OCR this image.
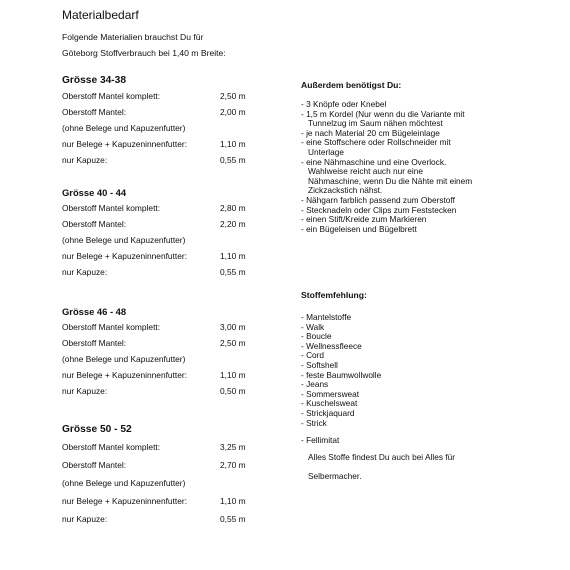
Materialbedarf
Folgende Materialien brauchst Du für
Göteborg Stoffverbrauch bei 1,40 m Breite:
Grösse 34-38
Oberstoff Mantel komplett:	2,50 m
Oberstoff Mantel:	2,00 m
(ohne Belege und Kapuzenfutter)
nur Belege + Kapuzeninnenfutter:	1,10 m
nur Kapuze:	0,55 m
Grösse 40 - 44
Oberstoff Mantel komplett:	2,80 m
Oberstoff Mantel:	2,20 m
(ohne Belege und Kapuzenfutter)
nur Belege + Kapuzeninnenfutter:	1,10 m
nur Kapuze:	0,55 m
Grösse 46 - 48
Oberstoff Mantel komplett:	3,00 m
Oberstoff Mantel:	2,50 m
(ohne Belege und Kapuzenfutter)
nur Belege + Kapuzeninnenfutter:	1,10 m
nur Kapuze:	0,50 m
Grösse 50 - 52
Oberstoff Mantel komplett:	3,25 m
Oberstoff Mantel:	2,70 m
(ohne Belege und Kapuzenfutter)
nur Belege + Kapuzeninnenfutter:	1,10 m
nur Kapuze:	0,55 m
Außerdem benötigst Du:
- 3 Knöpfe oder Knebel
- 1,5 m Kordel (Nur wenn du die Variante mit
Tunnelzug im Saum nähen möchtest
- je nach Material 20 cm Bügeleinlage
- eine Stoffschere oder Rollschneider mit
Unterlage
- eine Nähmaschine und eine Overlock.
Wahlweise reicht auch nur eine
Nähmaschine, wenn Du die Nähte mit einem
Zickzackstich nähst.
- Nähgarn farblich passend zum Oberstoff
- Stecknadeln oder Clips zum Feststecken
- einen Stift/Kreide zum Markieren
- ein Bügeleisen und Bügelbrett
Stoffemfehlung:
- Mantelstoffe
- Walk
- Boucle
- Wellnessfleece
- Cord
- Softshell
- feste Baumwollwolle
- Jeans
- Sommersweat
- Kuschelsweat
- Strickjaquard
- Strick
- Fellimitat
Alles Stoffe findest Du auch bei Alles für
Selbermacher.
